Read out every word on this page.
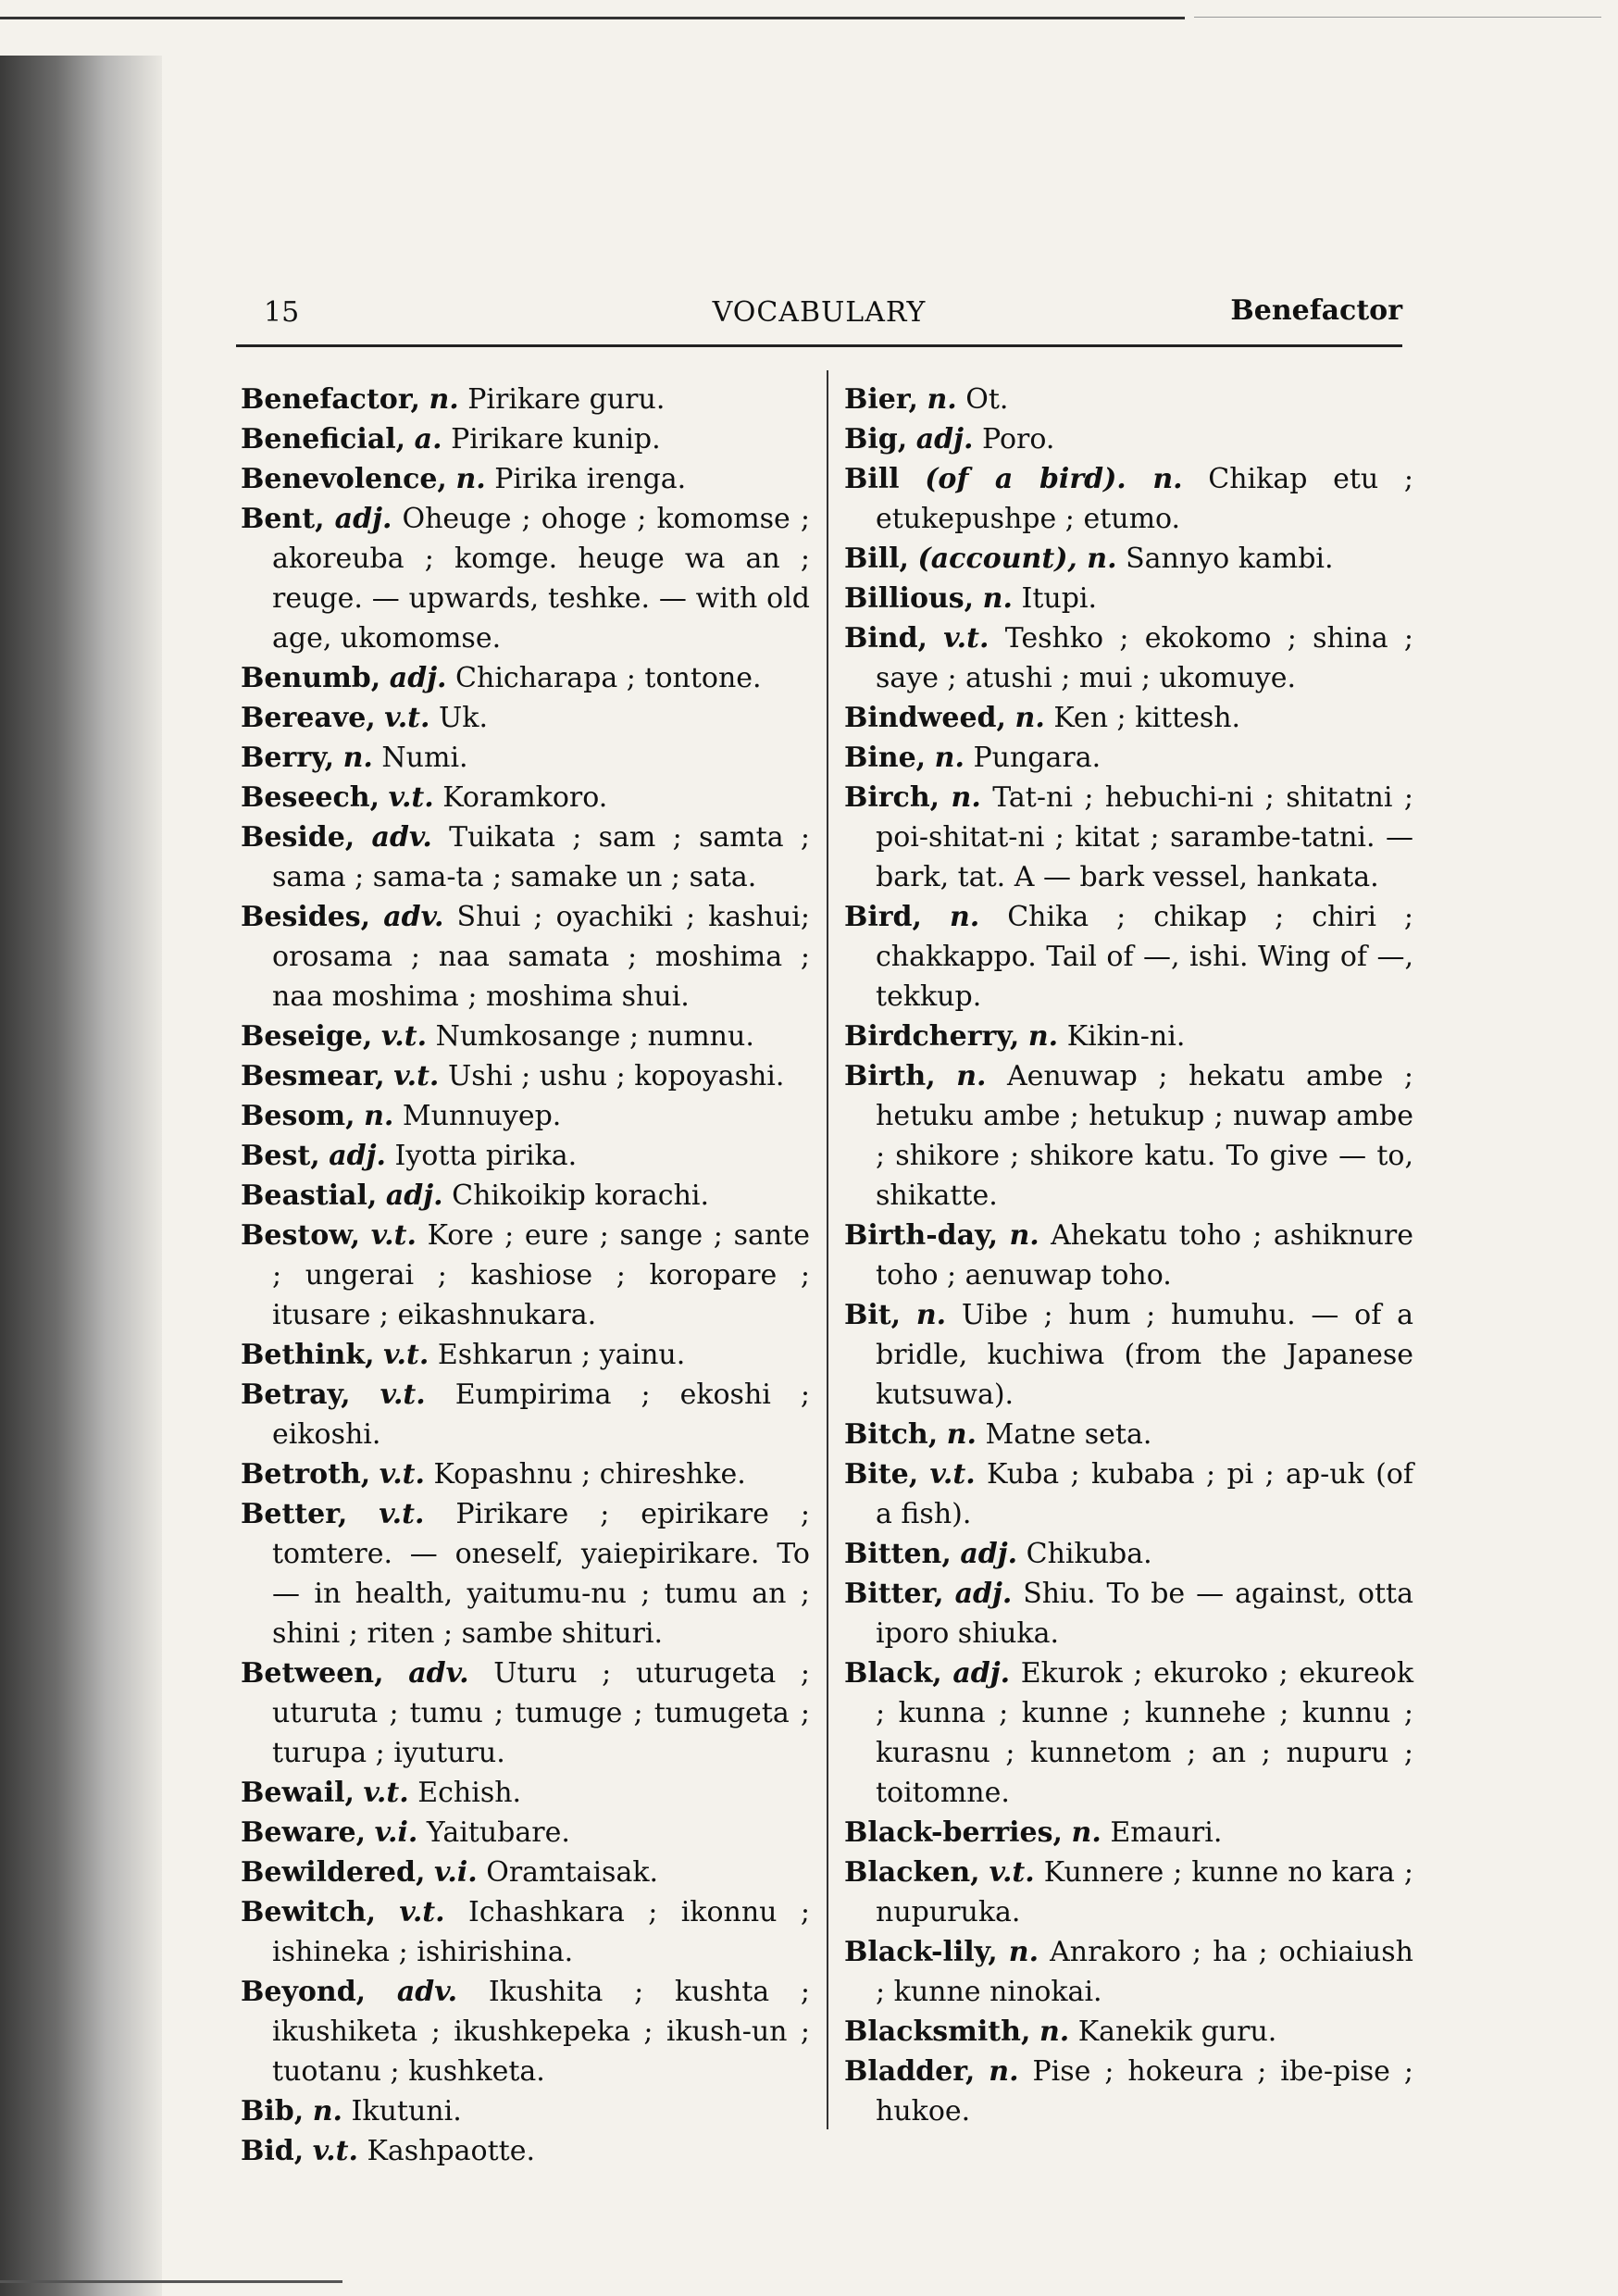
15	VOCABULARY	Benefactor
Benefactor, n. Pirikare guru.
Beneficial, a. Pirikare kunip.
Benevolence, n. Pirika irenga.
Bent, adj. Oheuge ; ohoge ; komomse ; akoreuba ; komge. heuge wa an ; reuge. — upwards, teshke. — with old age, ukomomse.
Benumb, adj. Chicharapa ; tontone.
Bereave, v.t. Uk.
Berry, n. Numi.
Beseech, v.t. Koramkoro.
Beside, adv. Tuikata ; sam ; samta ; sama ; sama-ta ; samake un ; sata.
Besides, adv. Shui ; oyachiki ; kashui; orosama ; naa samata ; moshima ; naa moshima ; moshima shui.
Beseige, v.t. Numkosange ; numnu.
Besmear, v.t. Ushi ; ushu ; kopoyashi.
Besom, n. Munnuyep.
Best, adj. Iyotta pirika.
Beastial, adj. Chikoikip korachi.
Bestow, v.t. Kore ; eure ; sange ; sante ; ungerai ; kashiose ; koropare ; itusare ; eikashnukara.
Bethink, v.t. Eshkarun ; yainu.
Betray, v.t. Eumpirima ; ekoshi ; eikoshi.
Betroth, v.t. Kopashnu ; chireshke.
Better, v.t. Pirikare ; epirikare ; tomtere. — oneself, yaiepirikare. To — in health, yaitumu-nu ; tumu an ; shini ; riten ; sambe shituri.
Between, adv. Uturu ; uturugeta ; uturuta ; tumu ; tumuge ; tumugeta ; turupa ; iyuturu.
Bewail, v.t. Echish.
Beware, v.i. Yaitubare.
Bewildered, v.i. Oramtaisak.
Bewitch, v.t. Ichashkara ; ikonnu ; ishineka ; ishirishina.
Beyond, adv. Ikushita ; kushta ; ikushiketa ; ikushkepeka ; ikush-un ; tuotanu ; kushketa.
Bib, n. Ikutuni.
Bid, v.t. Kashpaotte.
Bier, n. Ot.
Big, adj. Poro.
Bill (of a bird). n. Chikap etu ; etukepushpe ; etumo.
Bill, (account), n. Sannyo kambi.
Billious, n. Itupi.
Bind, v.t. Teshko ; ekokomo ; shina ; saye ; atushi ; mui ; ukomuye.
Bindweed, n. Ken ; kittesh.
Bine, n. Pungara.
Birch, n. Tat-ni ; hebuchi-ni ; shitatni ; poi-shitat-ni ; kitat ; sarambe-tatni. — bark, tat. A — bark vessel, hankata.
Bird, n. Chika ; chikap ; chiri ; chakkappo. Tail of —, ishi. Wing of —, tekkup.
Birdcherry, n. Kikin-ni.
Birth, n. Aenuwap ; hekatu ambe ; hetuku ambe ; hetukup ; nuwap ambe ; shikore ; shikore katu. To give — to, shikatte.
Birth-day, n. Ahekatu toho ; ashiknure toho ; aenuwap toho.
Bit, n. Uibe ; hum ; humuhu. — of a bridle, kuchiwa (from the Japanese kutsuwa).
Bitch, n. Matne seta.
Bite, v.t. Kuba ; kubaba ; pi ; ap-uk (of a fish).
Bitten, adj. Chikuba.
Bitter, adj. Shiu. To be — against, otta iporo shiuka.
Black, adj. Ekurok ; ekuroko ; ekureok ; kunna ; kunne ; kunnehe ; kunnu ; kurasnu ; kunnetom ; an ; nupuru ; toitomne.
Black-berries, n. Emauri.
Blacken, v.t. Kunnere ; kunne no kara ; nupuruka.
Black-lily, n. Anrakoro ; ha ; ochiaiush ; kunne ninokai.
Blacksmith, n. Kanekik guru.
Bladder, n. Pise ; hokeura ; ibe-pise ; hukoe.
